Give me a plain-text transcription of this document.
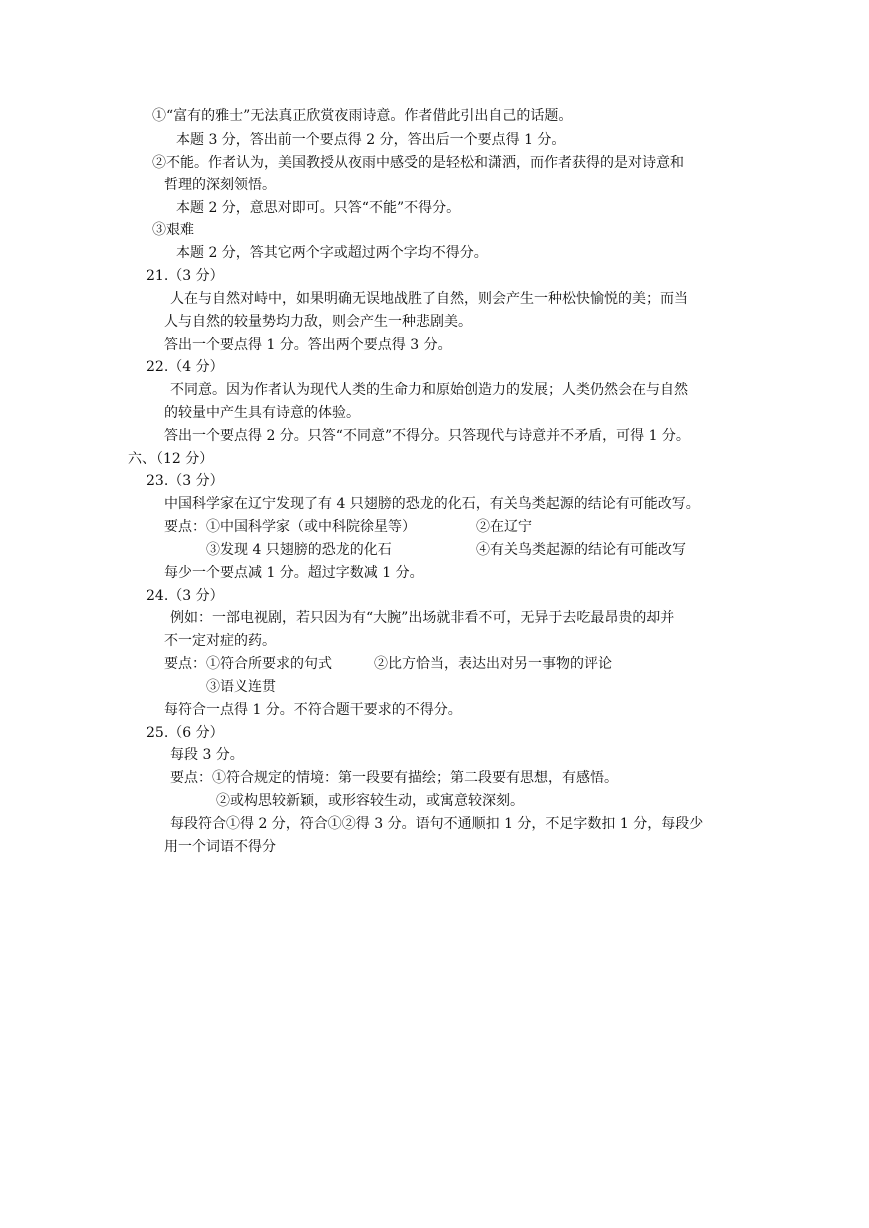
①“富有的雅士”无法真正欣赏夜雨诗意。作者借此引出自己的话题。
本题 3 分，答出前一个要点得 2 分，答出后一个要点得 1 分。
②不能。作者认为，美国教授从夜雨中感受的是轻松和潇洒，而作者获得的是对诗意和
哲理的深刻领悟。
本题 2 分，意思对即可。只答“不能”不得分。
③艰难
本题 2 分，答其它两个字或超过两个字均不得分。
21.（3 分）
人在与自然对峙中，如果明确无误地战胜了自然，则会产生一种松快愉悦的美；而当
人与自然的较量势均力敌，则会产生一种悲剧美。
答出一个要点得 1 分。答出两个要点得 3 分。
22.（4 分）
不同意。因为作者认为现代人类的生命力和原始创造力的发展；人类仍然会在与自然
的较量中产生具有诗意的体验。
答出一个要点得 2 分。只答“不同意”不得分。只答现代与诗意并不矛盾，可得 1 分。
六、（12 分）
23.（3 分）
中国科学家在辽宁发现了有 4 只翅膀的恐龙的化石，有关鸟类起源的结论有可能改写。
要点：①中国科学家（或中科院徐星等）	②在辽宁
③发现 4 只翅膀的恐龙的化石	④有关鸟类起源的结论有可能改写
每少一个要点减 1 分。超过字数减 1 分。
24.（3 分）
例如：一部电视剧，若只因为有“大腕”出场就非看不可，无异于去吃最昂贵的却并
不一定对症的药。
要点：①符合所要求的句式	②比方恰当，表达出对另一事物的评论
③语义连贯
每符合一点得 1 分。不符合题干要求的不得分。
25.（6 分）
每段 3 分。
要点：①符合规定的情境：第一段要有描绘；第二段要有思想，有感悟。
②或构思较新颖，或形容较生动，或寓意较深刻。
每段符合①得 2 分，符合①②得 3 分。语句不通顺扣 1 分，不足字数扣 1 分，每段少
用一个词语不得分
